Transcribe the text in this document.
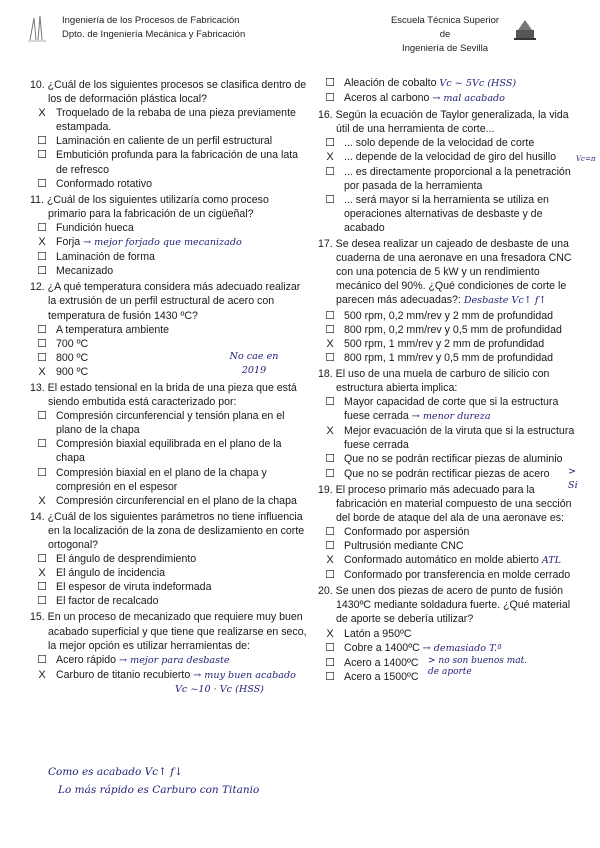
Ingeniería de los Procesos de Fabricación
Dpto. de Ingeniería Mecánica y Fabricación
Escuela Técnica Superior de
Ingeniería de Sevilla
10. ¿Cuál de los siguientes procesos se clasifica dentro de los de deformación plástica local?
X Troquelado de la rebaba de una pieza previamente estampada.
☐ Laminación en caliente de un perfil estructural
☐ Embutición profunda para la fabricación de una lata de refresco
☐ Conformado rotativo
11. ¿Cuál de los siguientes utilizaría como proceso primario para la fabricación de un cigüeñal?
☐ Fundición hueca
X Forja → mejor forjado que mecanizado
☐ Laminación de forma
☐ Mecanizado
12. ¿A qué temperatura considera más adecuado realizar la extrusión de un perfil estructural de acero con temperatura de fusión 1430 ºC?
☐ A temperatura ambiente
☐ 700 ºC
☐ 800 ºC
X 900 ºC
No cae en 2019
13. El estado tensional en la brida de una pieza que está siendo embutida está caracterizado por:
☐ Compresión circunferencial y tensión plana en el plano de la chapa
☐ Compresión biaxial equilibrada en el plano de la chapa
☐ Compresión biaxial en el plano de la chapa y compresión en el espesor
X Compresión circunferencial en el plano de la chapa
14. ¿Cuál de los siguientes parámetros no tiene influencia en la localización de la zona de deslizamiento en corte ortogonal?
☐ El ángulo de desprendimiento
X El ángulo de incidencia
☐ El espesor de viruta indeformada
☐ El factor de recalcado
15. En un proceso de mecanizado que requiere muy buen acabado superficial y que tiene que realizarse en seco, la mejor opción es utilizar herramientas de:
☐ Acero rápido → mejor para desbaste
X Carburo de titanio recubierto → muy buen acabado
Vc ~10 · Vc (HSS)
☐ Aleación de cobalto Vc ~ 5Vc (HSS)
☐ Aceros al carbono → mal acabado
16. Según la ecuación de Taylor generalizada, la vida útil de una herramienta de corte...
☐ ... solo depende de la velocidad de corte
X ... depende de la velocidad de giro del husillo
☐ ... es directamente proporcional a la penetración por pasada de la herramienta
☐ ... será mayor si la herramienta se utiliza en operaciones alternativas de desbaste y de acabado
Vc=π
17. Se desea realizar un cajeado de desbaste de una cuaderna de una aeronave en una fresadora CNC con una potencia de 5 kW y un rendimiento mecánico del 90%. ¿Qué condiciones de corte le parecen más adecuadas?: Desbaste Vc↑ f↑
☐ 500 rpm, 0,2 mm/rev y 2 mm de profundidad
☐ 800 rpm, 0,2 mm/rev y 0,5 mm de profundidad
X 500 rpm, 1 mm/rev y 2 mm de profundidad
☐ 800 rpm, 1 mm/rev y 0,5 mm de profundidad
18. El uso de una muela de carburo de silicio con estructura abierta implica:
☐ Mayor capacidad de corte que si la estructura fuese cerrada → menor dureza
X Mejor evacuación de la viruta que si la estructura fuese cerrada
☐ Que no se podrán rectificar piezas de aluminio
☐ Que no se podrán rectificar piezas de acero	> Si
19. El proceso primario más adecuado para la fabricación en material compuesto de una sección del borde de ataque del ala de una aeronave es:
☐ Conformado por aspersión
☐ Pultrusión mediante CNC
X Conformado automático en molde abierto ATL
☐ Conformado por transferencia en molde cerrado
20. Se unen dos piezas de acero de punto de fusión 1430ºC mediante soldadura fuerte. ¿Qué material de aporte se debería utilizar?
X Latón a 950ºC
☐ Cobre a 1400ºC → demasiado T.ª
☐ Acero a 1400ºC
☐ Acero a 1500ºC
> no son buenos mat. de aporte
Como es acabado Vc↑ f↓
Lo más rápido es Carburo con Titanio
